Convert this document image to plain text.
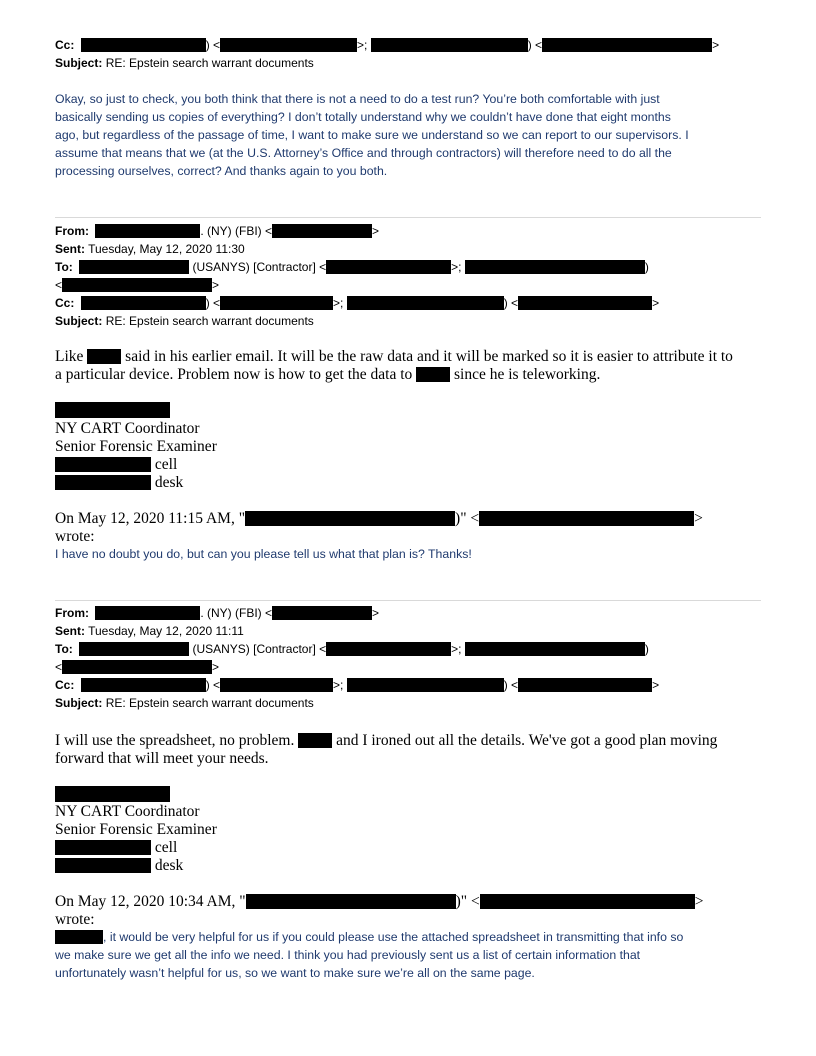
Cc:	) <	>;	) <	>
Subject: RE: Epstein search warrant documents
Okay, so just to check, you both think that there is not a need to do a test run? You’re both comfortable with just
basically sending us copies of everything? I don’t totally understand why we couldn’t have done that eight months
ago, but regardless of the passage of time, I want to make sure we understand so we can report to our supervisors. I
assume that means that we (at the U.S. Attorney’s Office and through contractors) will therefore need to do all the
processing ourselves, correct? And thanks again to you both.
From:	. (NY) (FBI) <	>
Sent: Tuesday, May 12, 2020 11:30
To:	(USANYS) [Contractor] <	>;	)
<	>
Cc:	) <	>;	) <	>
Subject: RE: Epstein search warrant documents
Like  said in his earlier email. It will be the raw data and it will be marked so it is easier to attribute it to
a particular device. Problem now is how to get the data to  since he is teleworking.
NY CART Coordinator
Senior Forensic Examiner
cell
desk
On May 12, 2020 11:15 AM, "	)" <	>
wrote:
I have no doubt you do, but can you please tell us what that plan is? Thanks!
From:	. (NY) (FBI) <	>
Sent: Tuesday, May 12, 2020 11:11
To:	(USANYS) [Contractor] <	>;	)
<	>
Cc:	) <	>;	) <	>
Subject: RE: Epstein search warrant documents
I will use the spreadsheet, no problem.  and I ironed out all the details. We've got a good plan moving
forward that will meet your needs.
NY CART Coordinator
Senior Forensic Examiner
cell
desk
On May 12, 2020 10:34 AM, "	)" <	>
wrote:
, it would be very helpful for us if you could please use the attached spreadsheet in transmitting that info so
we make sure we get all the info we need. I think you had previously sent us a list of certain information that
unfortunately wasn’t helpful for us, so we want to make sure we’re all on the same page.
